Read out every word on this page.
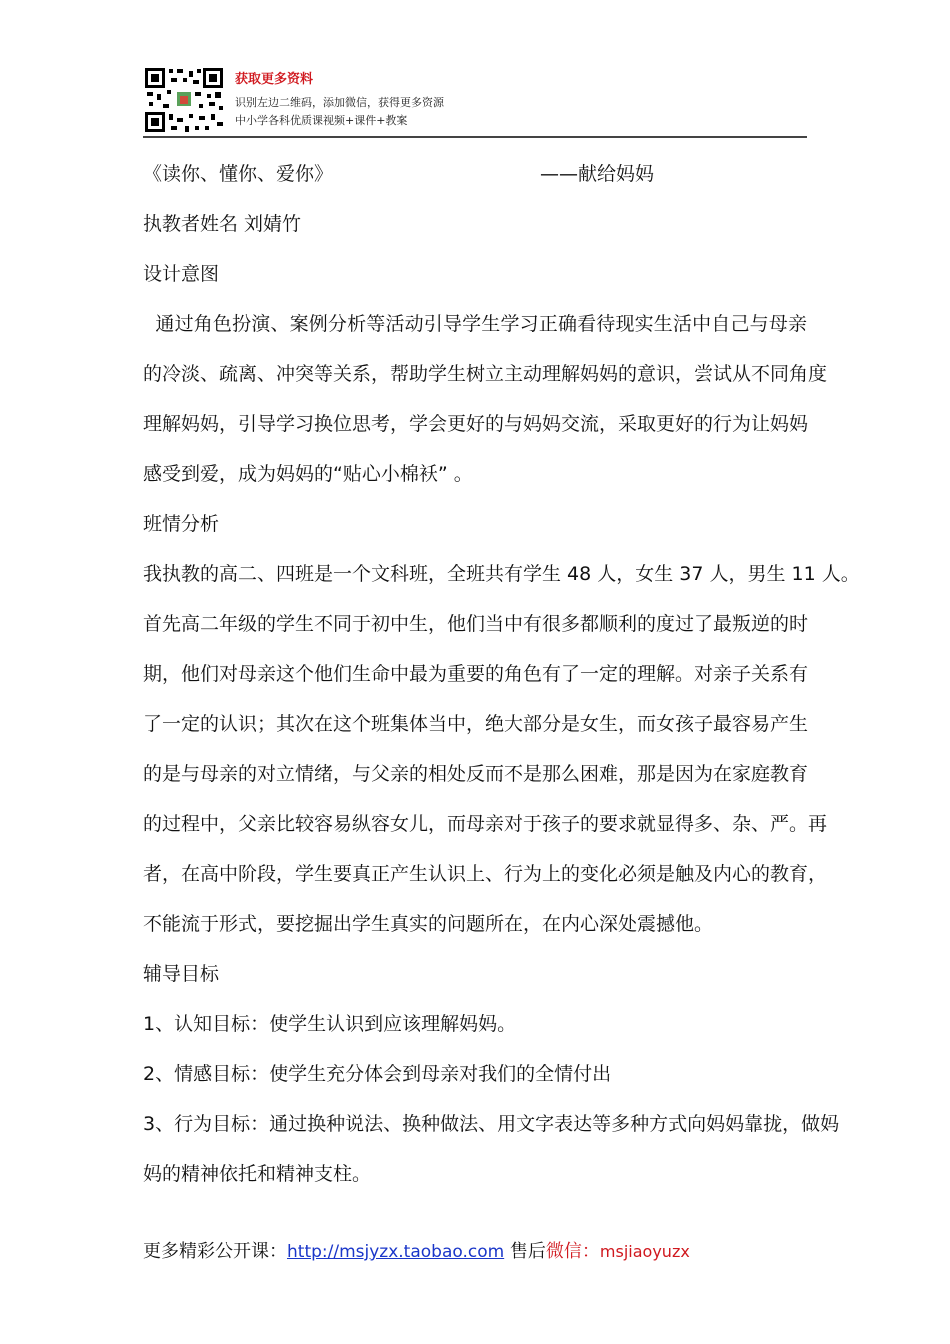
获取更多资料
识别左边二维码，添加微信，获得更多资源
中小学各科优质课视频+课件+教案
《读你、懂你、爱你》	——献给妈妈
执教者姓名 刘婧竹
设计意图
通过角色扮演、案例分析等活动引导学生学习正确看待现实生活中自己与母亲
的冷淡、疏离、冲突等关系，帮助学生树立主动理解妈妈的意识，尝试从不同角度
理解妈妈，引导学习换位思考，学会更好的与妈妈交流，采取更好的行为让妈妈
感受到爱，成为妈妈的“贴心小棉袄” 。
班情分析
我执教的高二、四班是一个文科班，全班共有学生 48 人，女生 37 人，男生 11 人。
首先高二年级的学生不同于初中生，他们当中有很多都顺利的度过了最叛逆的时
期，他们对母亲这个他们生命中最为重要的角色有了一定的理解。对亲子关系有
了一定的认识；其次在这个班集体当中，绝大部分是女生，而女孩子最容易产生
的是与母亲的对立情绪，与父亲的相处反而不是那么困难，那是因为在家庭教育
的过程中，父亲比较容易纵容女儿，而母亲对于孩子的要求就显得多、杂、严。再
者，在高中阶段，学生要真正产生认识上、行为上的变化必须是触及内心的教育，
不能流于形式，要挖掘出学生真实的问题所在，在内心深处震撼他。
辅导目标
1、认知目标：使学生认识到应该理解妈妈。
2、情感目标：使学生充分体会到母亲对我们的全情付出
3、行为目标：通过换种说法、换种做法、用文字表达等多种方式向妈妈靠拢，做妈
妈的精神依托和精神支柱。
更多精彩公开课：http://msjyzx.taobao.com 售后微信：msjiaoyuzx
